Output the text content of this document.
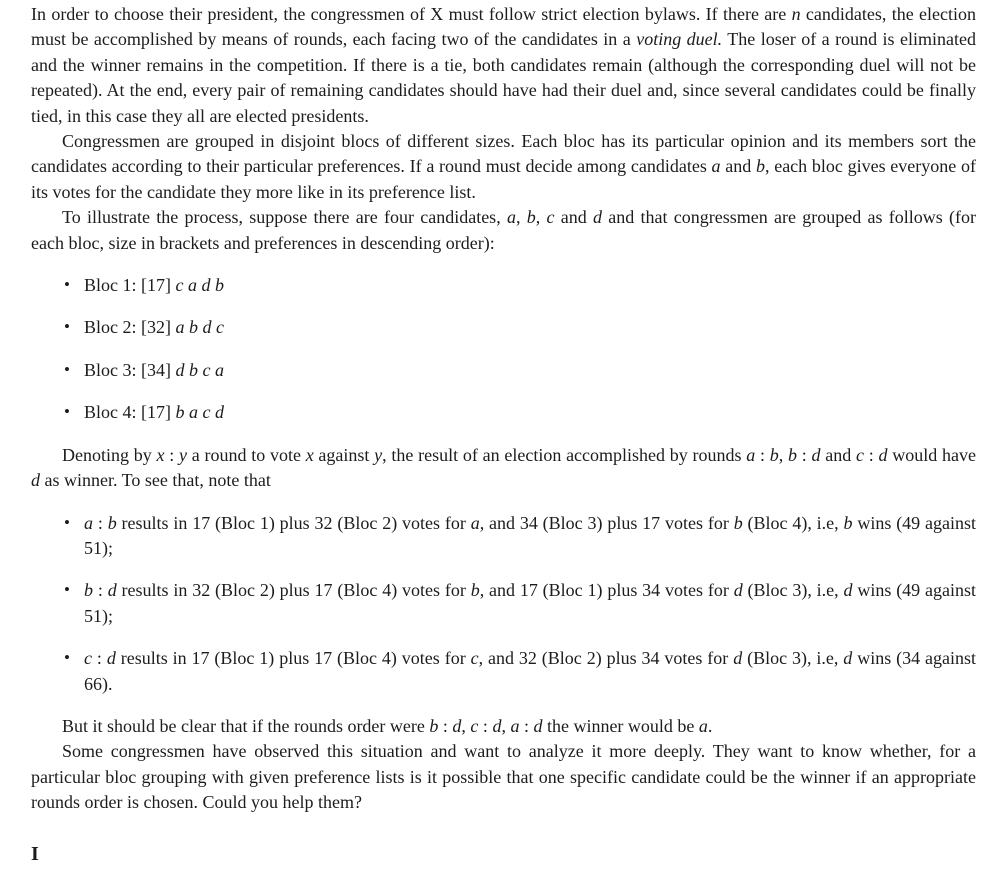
In order to choose their president, the congressmen of X must follow strict election bylaws. If there are n candidates, the election must be accomplished by means of rounds, each facing two of the candidates in a voting duel. The loser of a round is eliminated and the winner remains in the competition. If there is a tie, both candidates remain (although the corresponding duel will not be repeated). At the end, every pair of remaining candidates should have had their duel and, since several candidates could be finally tied, in this case they all are elected presidents.

Congressmen are grouped in disjoint blocs of different sizes. Each bloc has its particular opinion and its members sort the candidates according to their particular preferences. If a round must decide among candidates a and b, each bloc gives everyone of its votes for the candidate they more like in its preference list.

To illustrate the process, suppose there are four candidates, a, b, c and d and that congressmen are grouped as follows (for each bloc, size in brackets and preferences in descending order):

• Bloc 1: [17] c a d b
• Bloc 2: [32] a b d c
• Bloc 3: [34] d b c a
• Bloc 4: [17] b a c d

Denoting by x : y a round to vote x against y, the result of an election accomplished by rounds a : b, b : d and c : d would have d as winner. To see that, note that

• a : b results in 17 (Bloc 1) plus 32 (Bloc 2) votes for a, and 34 (Bloc 3) plus 17 votes for b (Bloc 4), i.e, b wins (49 against 51);
• b : d results in 32 (Bloc 2) plus 17 (Bloc 4) votes for b, and 17 (Bloc 1) plus 34 votes for d (Bloc 3), i.e, d wins (49 against 51);
• c : d results in 17 (Bloc 1) plus 17 (Bloc 4) votes for c, and 32 (Bloc 2) plus 34 votes for d (Bloc 3), i.e, d wins (34 against 66).

But it should be clear that if the rounds order were b : d, c : d, a : d the winner would be a.

Some congressmen have observed this situation and want to analyze it more deeply. They want to know whether, for a particular bloc grouping with given preference lists is it possible that one specific candidate could be the winner if an appropriate rounds order is chosen. Could you help them?

I
